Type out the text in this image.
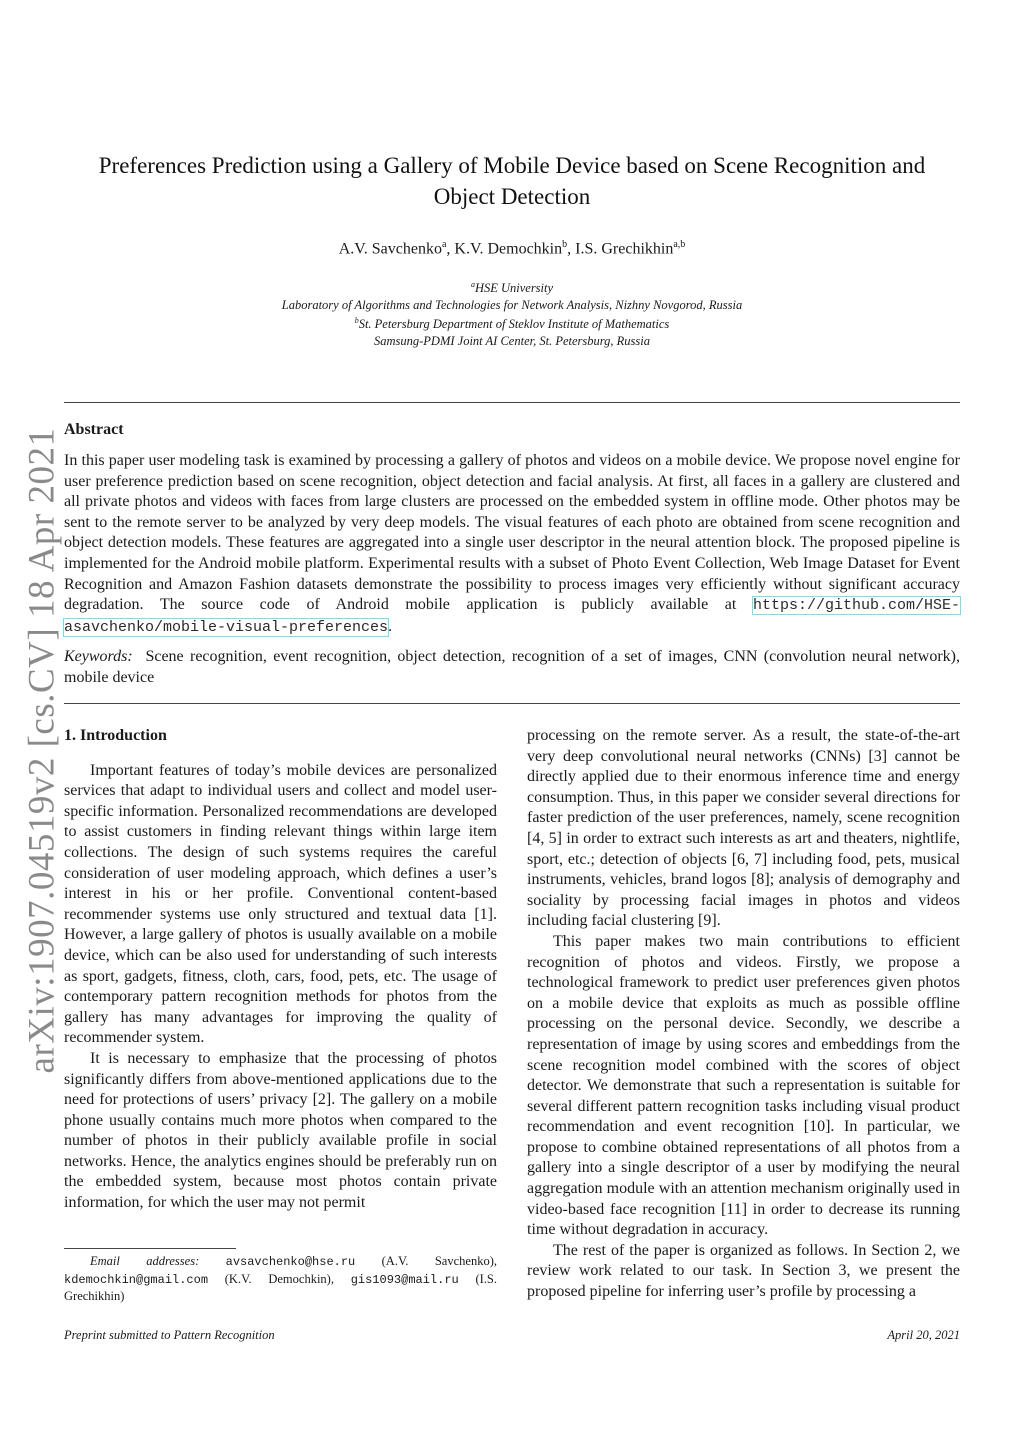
arXiv:1907.04519v2 [cs.CV] 18 Apr 2021
Preferences Prediction using a Gallery of Mobile Device based on Scene Recognition and
Object Detection
A.V. Savchenko$^a$, K.V. Demochkin$^b$, I.S. Grechikhin$^{a,b}$
$^a$HSE University
Laboratory of Algorithms and Technologies for Network Analysis, Nizhny Novgorod, Russia
$^b$St. Petersburg Department of Steklov Institute of Mathematics
Samsung-PDMI Joint AI Center, St. Petersburg, Russia
Abstract
In this paper user modeling task is examined by processing a gallery of photos and videos on a mobile device. We propose novel engine for user preference prediction based on scene recognition, object detection and facial analysis. At first, all faces in a gallery are clustered and all private photos and videos with faces from large clusters are processed on the embedded system in offline mode. Other photos may be sent to the remote server to be analyzed by very deep models. The visual features of each photo are obtained from scene recognition and object detection models. These features are aggregated into a single user descriptor in the neural attention block. The proposed pipeline is implemented for the Android mobile platform. Experimental results with a subset of Photo Event Collection, Web Image Dataset for Event Recognition and Amazon Fashion datasets demonstrate the possibility to process images very efficiently without significant accuracy degradation. The source code of Android mobile application is publicly available at https://github.com/HSE-asavchenko/mobile-visual-preferences.
Keywords: Scene recognition, event recognition, object detection, recognition of a set of images, CNN (convolution neural network), mobile device
1. Introduction

Important features of today’s mobile devices are personalized services that adapt to individual users and collect and model user-specific information. Personalized recommendations are developed to assist customers in finding relevant things within large item collections. The design of such systems requires the careful consideration of user modeling approach, which defines a user’s interest in his or her profile. Conventional content-based recommender systems use only structured and textual data [1]. However, a large gallery of photos is usually available on a mobile device, which can be also used for understanding of such interests as sport, gadgets, fitness, cloth, cars, food, pets, etc. The usage of contemporary pattern recognition methods for photos from the gallery has many advantages for improving the quality of recommender system.

It is necessary to emphasize that the processing of photos significantly differs from above-mentioned applications due to the need for protections of users’ privacy [2]. The gallery on a mobile phone usually contains much more photos when compared to the number of photos in their publicly available profile in social networks. Hence, the analytics engines should be preferably run on the embedded system, because most photos contain private information, for which the user may not permit

processing on the remote server. As a result, the state-of-the-art very deep convolutional neural networks (CNNs) [3] cannot be directly applied due to their enormous inference time and energy consumption. Thus, in this paper we consider several directions for faster prediction of the user preferences, namely, scene recognition [4, 5] in order to extract such interests as art and theaters, nightlife, sport, etc.; detection of objects [6, 7] including food, pets, musical instruments, vehicles, brand logos [8]; analysis of demography and sociality by processing facial images in photos and videos including facial clustering [9].

This paper makes two main contributions to efficient recognition of photos and videos. Firstly, we propose a technological framework to predict user preferences given photos on a mobile device that exploits as much as possible offline processing on the personal device. Secondly, we describe a representation of image by using scores and embeddings from the scene recognition model combined with the scores of object detector. We demonstrate that such a representation is suitable for several different pattern recognition tasks including visual product recommendation and event recognition [10]. In particular, we propose to combine obtained representations of all photos from a gallery into a single descriptor of a user by modifying the neural aggregation module with an attention mechanism originally used in video-based face recognition [11] in order to decrease its running time without degradation in accuracy.

The rest of the paper is organized as follows. In Section 2, we review work related to our task. In Section 3, we present the proposed pipeline for inferring user’s profile by processing a

Email addresses: avsavchenko@hse.ru (A.V. Savchenko), kdemochkin@gmail.com (K.V. Demochkin), gis1093@mail.ru (I.S. Grechikhin)
Preprint submitted to Pattern Recognition	April 20, 2021
